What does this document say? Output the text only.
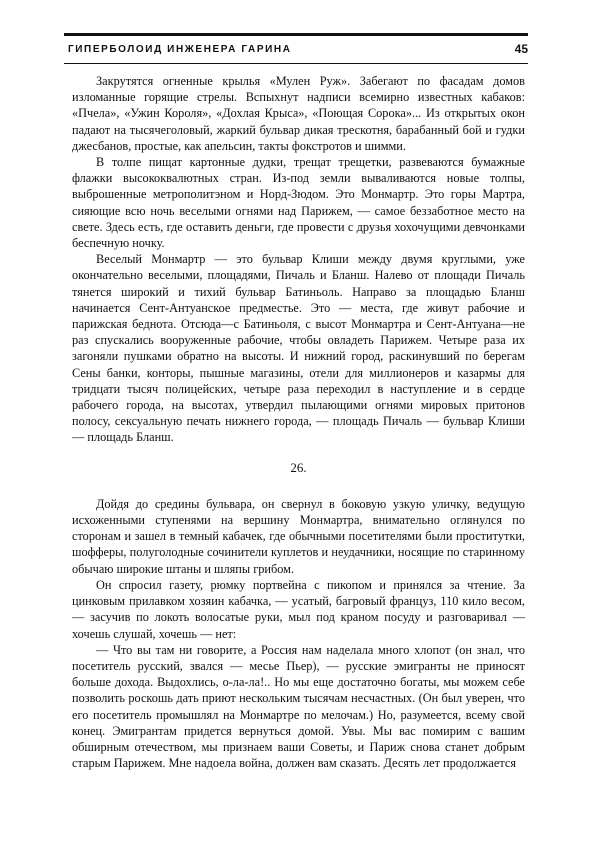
ГИПЕРБОЛОИД ИНЖЕНЕРА ГАРИНА	45

Закрутятся огненные крылья «Мулен Руж». Забегают по фасадам домов изломанные горящие стрелы. Вспыхнут надписи всемирно известных кабаков: «Пчела», «Ужин Короля», «Дохлая Крыса», «Поющая Сорока»... Из открытых окон падают на тысячеголовый, жаркий бульвар дикая трескотня, барабанный бой и гудки джесбанов, простые, как апельсин, такты фокстротов и шимми.

В толпе пищат картонные дудки, трещат трещетки, развеваются бумажные флажки высококвалютных стран. Из-под земли вываливаются новые толпы, выброшенные метрополитэном и Норд-Зюдом. Это Монмартр. Это горы Мартра, сияющие всю ночь веселыми огнями над Парижем, — самое беззаботное место на свете. Здесь есть, где оставить деньги, где провести с друзья хохочущими девчонками беспечную ночку.

Веселый Монмартр — это бульвар Клиши между двумя круглыми, уже окончательно веселыми, площадями, Пичаль и Бланш. Налево от площади Пичаль тянется широкий и тихий бульвар Батиньоль. Направо за площадью Бланш начинается Сент-Антуанское предместье. Это — места, где живут рабочие и парижская беднота. Отсюда—с Батиньоля, с высот Монмартра и Сент-Антуана—не раз спускались вооруженные рабочие, чтобы овладеть Парижем. Четыре раза их загоняли пушками обратно на высоты. И нижний город, раскинувший по берегам Сены банки, конторы, пышные магазины, отели для миллионеров и казармы для тридцати тысяч полицейских, четыре раза переходил в наступление и в сердце рабочего города, на высотах, утвердил пылающими огнями мировых притонов полосу, сексуальную печать нижнего города, — площадь Пичаль — бульвар Клиши — площадь Бланш.

26.

Дойдя до средины бульвара, он свернул в боковую узкую уличку, ведущую исхоженными ступенями на вершину Монмартра, внимательно оглянулся по сторонам и зашел в темный кабачек, где обычными посетителями были проститутки, шофферы, полуголодные сочинители куплетов и неудачники, носящие по старинному обычаю широкие штаны и шляпы грибом.

Он спросил газету, рюмку портвейна с пикопом и принялся за чтение. За цинковым прилавком хозяин кабачка, — усатый, багровый француз, 110 кило весом, — засучив по локоть волосатые руки, мыл под краном посуду и разговаривал — хочешь слушай, хочешь — нет:

— Что вы там ни говорите, а Россия нам наделала много хлопот (он знал, что посетитель русский, звался — месье Пьер), — русские эмигранты не приносят больше дохода. Выдохлись, о-ла-ла!.. Но мы еще достаточно богаты, мы можем себе позволить роскошь дать приют нескольким тысячам несчастных. (Он был уверен, что его посетитель промышлял на Монмартре по мелочам.) Но, разумеется, всему свой конец. Эмигрантам придется вернуться домой. Увы. Мы вас помирим с вашим обширным отечеством, мы признаем ваши Советы, и Париж снова станет добрым старым Парижем. Мне надоела война, должен вам сказать. Десять лет продолжается
